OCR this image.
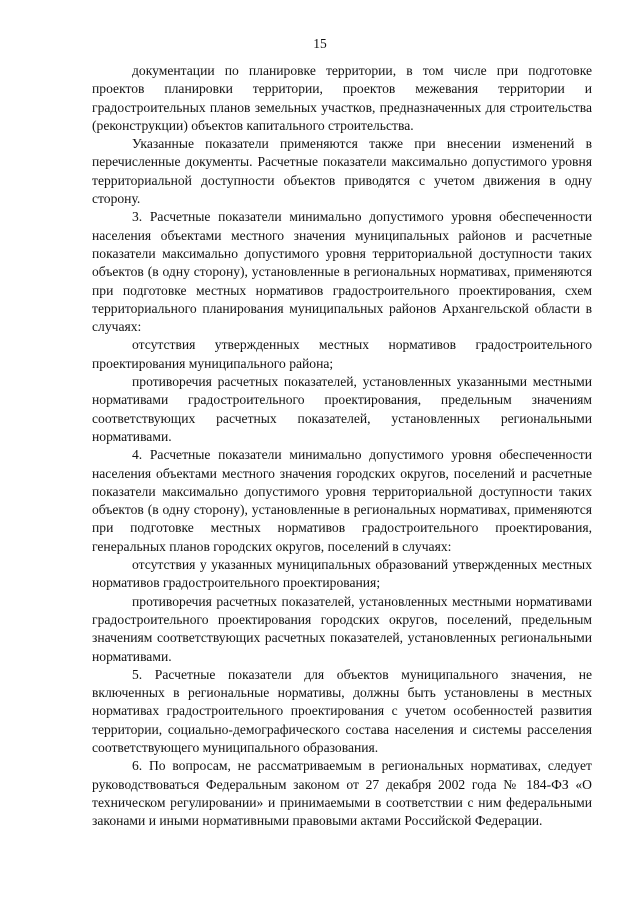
15

документации по планировке территории, в том числе при подготовке проектов планировки территории, проектов межевания территории и градостроительных планов земельных участков, предназначенных для строительства (реконструкции) объектов капитального строительства.

Указанные показатели применяются также при внесении изменений в перечисленные документы. Расчетные показатели максимально допустимого уровня территориальной доступности объектов приводятся с учетом движения в одну сторону.

3. Расчетные показатели минимально допустимого уровня обеспеченности населения объектами местного значения муниципальных районов и расчетные показатели максимально допустимого уровня территориальной доступности таких объектов (в одну сторону), установленные в региональных нормативах, применяются при подготовке местных нормативов градостроительного проектирования, схем территориального планирования муниципальных районов Архангельской области в случаях:

отсутствия утвержденных местных нормативов градостроительного проектирования муниципального района;

противоречия расчетных показателей, установленных указанными местными нормативами градостроительного проектирования, предельным значениям соответствующих расчетных показателей, установленных региональными нормативами.

4. Расчетные показатели минимально допустимого уровня обеспеченности населения объектами местного значения городских округов, поселений и расчетные показатели максимально допустимого уровня территориальной доступности таких объектов (в одну сторону), установленные в региональных нормативах, применяются при подготовке местных нормативов градостроительного проектирования, генеральных планов городских округов, поселений в случаях:

отсутствия у указанных муниципальных образований утвержденных местных нормативов градостроительного проектирования;

противоречия расчетных показателей, установленных местными нормативами градостроительного проектирования городских округов, поселений, предельным значениям соответствующих расчетных показателей, установленных региональными нормативами.

5. Расчетные показатели для объектов муниципального значения, не включенных в региональные нормативы, должны быть установлены в местных нормативах градостроительного проектирования с учетом особенностей развития территории, социально-демографического состава населения и системы расселения соответствующего муниципального образования.

6. По вопросам, не рассматриваемым в региональных нормативах, следует руководствоваться Федеральным законом от 27 декабря 2002 года № 184-ФЗ «О техническом регулировании» и принимаемыми в соответствии с ним федеральными законами и иными нормативными правовыми актами Российской Федерации.
